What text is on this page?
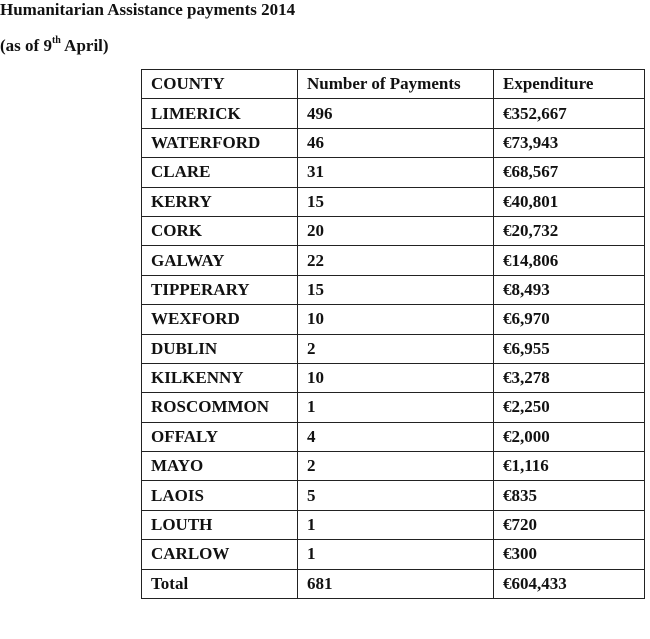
Humanitarian Assistance payments 2014
(as of 9th April)
COUNTY	Number of Payments	Expenditure
LIMERICK	496	€352,667
WATERFORD	46	€73,943
CLARE	31	€68,567
KERRY	15	€40,801
CORK	20	€20,732
GALWAY	22	€14,806
TIPPERARY	15	€8,493
WEXFORD	10	€6,970
DUBLIN	2	€6,955
KILKENNY	10	€3,278
ROSCOMMON	1	€2,250
OFFALY	4	€2,000
MAYO	2	€1,116
LAOIS	5	€835
LOUTH	1	€720
CARLOW	1	€300
Total	681	€604,433
